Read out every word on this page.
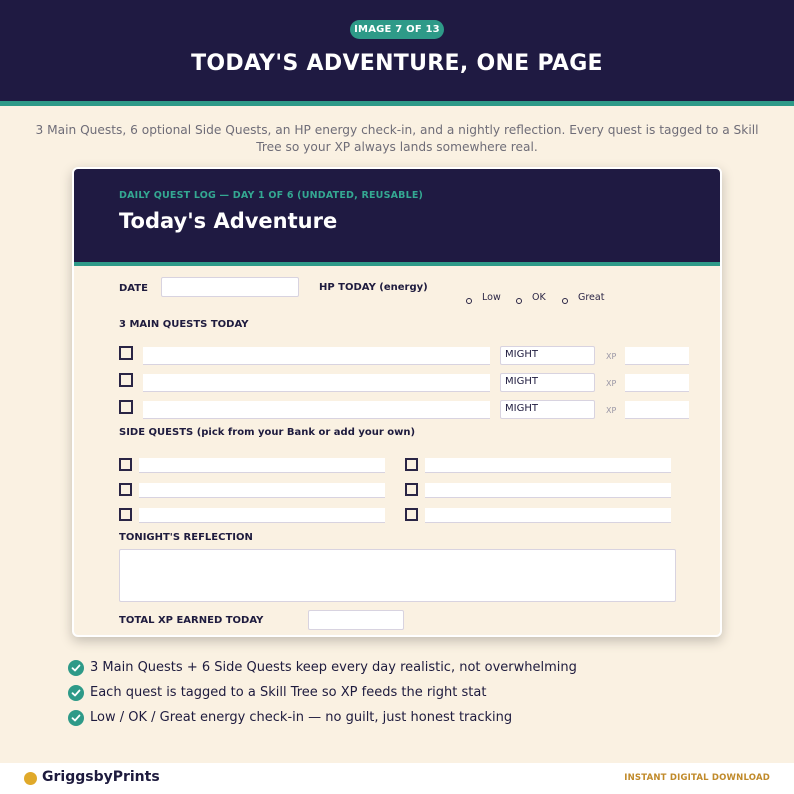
IMAGE 7 OF 13
TODAY'S ADVENTURE, ONE PAGE
3 Main Quests, 6 optional Side Quests, an HP energy check-in, and a nightly reflection. Every quest is tagged to a Skill Tree so your XP always lands somewhere real.
DAILY QUEST LOG — DAY 1 OF 6 (UNDATED, REUSABLE)
Today's Adventure
DATE	HP TODAY (energy)
Low	OK	Great
3 MAIN QUESTS TODAY
MIGHT	XP
MIGHT	XP
MIGHT	XP
SIDE QUESTS (pick from your Bank or add your own)
TONIGHT'S REFLECTION
TOTAL XP EARNED TODAY
3 Main Quests + 6 Side Quests keep every day realistic, not overwhelming
Each quest is tagged to a Skill Tree so XP feeds the right stat
Low / OK / Great energy check-in — no guilt, just honest tracking
GriggsbyPrints	INSTANT DIGITAL DOWNLOAD
